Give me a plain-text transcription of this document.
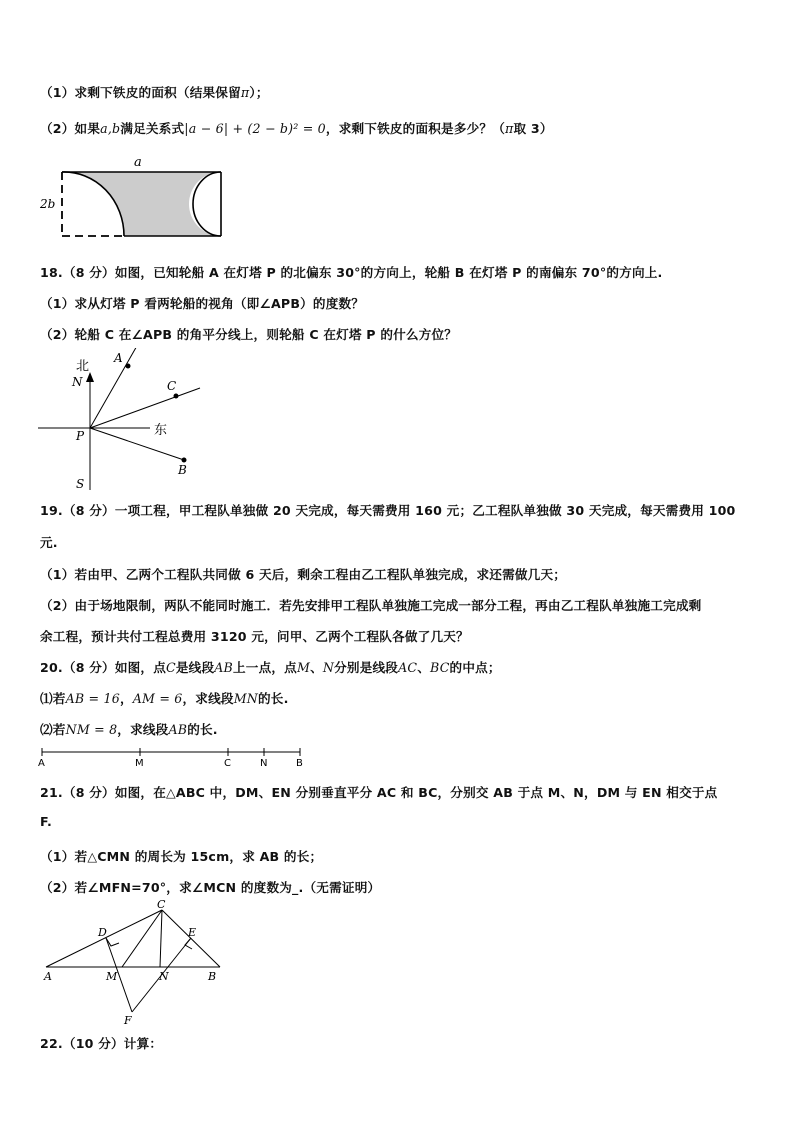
（1）求剩下铁皮的面积（结果保留π）；
（2）如果a,b满足关系式|a − 6| + (2 − b)² = 0，求剩下铁皮的面积是多少？（π取 3）
a
2b
18.（8 分）如图，已知轮船 A 在灯塔 P 的北偏东 30°的方向上，轮船 B 在灯塔 P 的南偏东 70°的方向上.
（1）求从灯塔 P 看两轮船的视角（即∠APB）的度数？
（2）轮船 C 在∠APB 的角平分线上，则轮船 C 在灯塔 P 的什么方位？
北
N
A
C
P	东
B
S
19.（8 分）一项工程，甲工程队单独做 20 天完成，每天需费用 160 元；乙工程队单独做 30 天完成，每天需费用 100
元.
（1）若由甲、乙两个工程队共同做 6 天后，剩余工程由乙工程队单独完成，求还需做几天；
（2）由于场地限制，两队不能同时施工．若先安排甲工程队单独施工完成一部分工程，再由乙工程队单独施工完成剩
余工程，预计共付工程总费用 3120 元，问甲、乙两个工程队各做了几天？
20.（8 分）如图，点C是线段AB上一点，点M、N分别是线段AC、BC的中点；
⑴若AB = 16，AM = 6，求线段MN的长.
⑵若NM = 8，求线段AB的长.
A	M	C	N	B
21.（8 分）如图，在△ABC 中，DM、EN 分别垂直平分 AC 和 BC，分别交 AB 于点 M、N，DM 与 EN 相交于点
F.
（1）若△CMN 的周长为 15cm，求 AB 的长；
（2）若∠MFN=70°，求∠MCN 的度数为_.（无需证明）
C
D	E
A	M	N	B
F
22.（10 分）计算：
